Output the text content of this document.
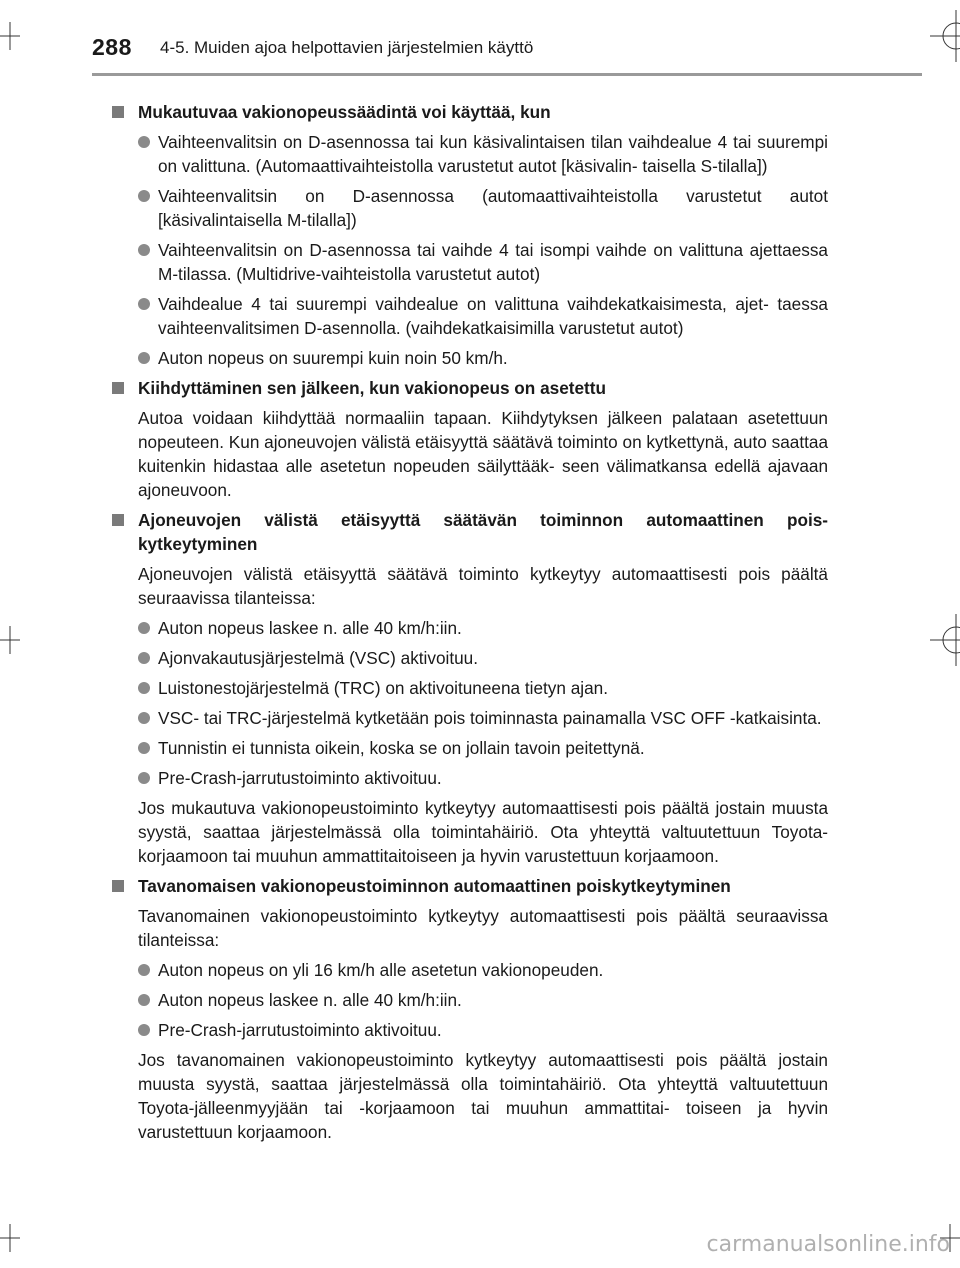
288 4-5. Muiden ajoa helpottavien järjestelmien käyttö
Mukautuvaa vakionopeussäädintä voi käyttää, kun
Vaihteenvalitsin on D-asennossa tai kun käsivalintaisen tilan vaihdealue 4 tai suurempi on valittuna. (Automaattivaihteistolla varustetut autot [käsivalin- taisella S-tilalla])
Vaihteenvalitsin on D-asennossa (automaattivaihteistolla varustetut autot [käsivalintaisella M-tilalla])
Vaihteenvalitsin on D-asennossa tai vaihde 4 tai isompi vaihde on valittuna ajettaessa M-tilassa. (Multidrive-vaihteistolla varustetut autot)
Vaihdealue 4 tai suurempi vaihdealue on valittuna vaihdekatkaisimesta, ajet- taessa vaihteenvalitsimen D-asennolla. (vaihdekatkaisimilla varustetut autot)
Auton nopeus on suurempi kuin noin 50 km/h.
Kiihdyttäminen sen jälkeen, kun vakionopeus on asetettu
Autoa voidaan kiihdyttää normaaliin tapaan. Kiihdytyksen jälkeen palataan asetettuun nopeuteen. Kun ajoneuvojen välistä etäisyyttä säätävä toiminto on kytkettynä, auto saattaa kuitenkin hidastaa alle asetetun nopeuden säilyttääk- seen välimatkansa edellä ajavaan ajoneuvoon.
Ajoneuvojen välistä etäisyyttä säätävän toiminnon automaattinen pois- kytkeytyminen
Ajoneuvojen välistä etäisyyttä säätävä toiminto kytkeytyy automaattisesti pois päältä seuraavissa tilanteissa:
Auton nopeus laskee n. alle 40 km/h:iin.
Ajonvakautusjärjestelmä (VSC) aktivoituu.
Luistonestojärjestelmä (TRC) on aktivoituneena tietyn ajan.
VSC- tai TRC-järjestelmä kytketään pois toiminnasta painamalla VSC OFF -katkaisinta.
Tunnistin ei tunnista oikein, koska se on jollain tavoin peitettynä.
Pre-Crash-jarrutustoiminto aktivoituu.
Jos mukautuva vakionopeustoiminto kytkeytyy automaattisesti pois päältä jostain muusta syystä, saattaa järjestelmässä olla toimintahäiriö. Ota yhteyttä valtuutettuun Toyota-korjaamoon tai muuhun ammattitaitoiseen ja hyvin varustettuun korjaamoon.
Tavanomaisen vakionopeustoiminnon automaattinen poiskytkeytyminen
Tavanomainen vakionopeustoiminto kytkeytyy automaattisesti pois päältä seuraavissa tilanteissa:
Auton nopeus on yli 16 km/h alle asetetun vakionopeuden.
Auton nopeus laskee n. alle 40 km/h:iin.
Pre-Crash-jarrutustoiminto aktivoituu.
Jos tavanomainen vakionopeustoiminto kytkeytyy automaattisesti pois päältä jostain muusta syystä, saattaa järjestelmässä olla toimintahäiriö. Ota yhteyttä valtuutettuun Toyota-jälleenmyyjään tai -korjaamoon tai muuhun ammattitai- toiseen ja hyvin varustettuun korjaamoon.
carmanualsonline.info
